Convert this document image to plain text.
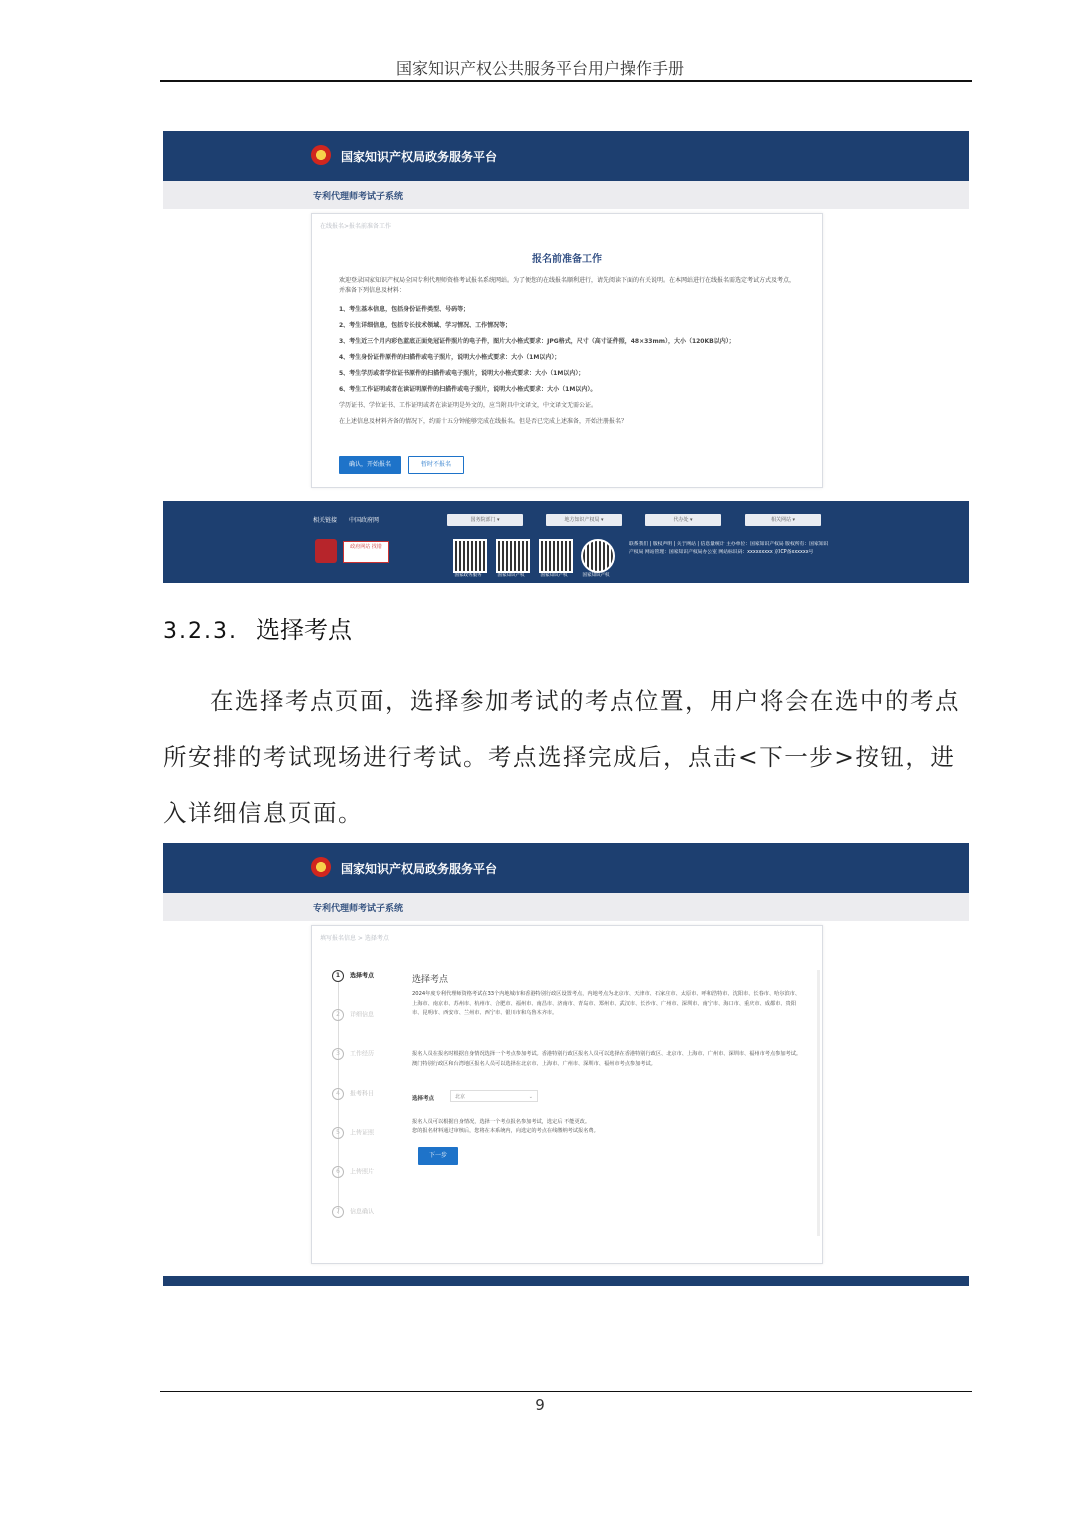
国家知识产权公共服务平台用户操作手册
国家知识产权局政务服务平台
专利代理师考试子系统
在线报名>报名前准备工作
报名前准备工作

欢迎登录国家知识产权局全国专利代理师资格考试报名系统网站。为了便您的在线报名顺利进行，请先阅读下面的有关说明。在本网站进行在线报名需选定考试方式及考点，并准备下列信息及材料：

1、考生基本信息，包括身份证件类型、号码等；

2、考生详细信息，包括专长技术领域、学习情况、工作情况等；

3、考生近三个月内彩色蓝底正面免冠证件照片的电子件，图片大小格式要求：JPG格式，尺寸（高寸证件照，48×33mm），大小（120KB以内）；

4、考生身份证件原件的扫描件或电子照片，说明大小格式要求：大小（1M以内）；

5、考生学历或者学位证书原件的扫描件或电子照片，说明大小格式要求：大小（1M以内）；

6、考生工作证明或者在读证明原件的扫描件或电子照片，说明大小格式要求：大小（1M以内）。

学历证书、学位证书、工作证明或者在读证明是外文的，应当附具中文译文，中文译文无需公证。

在上述信息及材料齐备的情况下，约需十五分钟能够完成在线报名。但是否已完成上述准备，开始注册报名？

确认，开始报名	暂时不报名
相关链接 中国政府网	国务院部门 ▾	地方知识产权局 ▾	代办处 ▾	相关网站 ▾
政府网站 找错
国家政务服务	国家知识产权	国家知识产权	国家知识产权
联系我们 | 版权声明 | 关于网站 | 信息量统计 主办单位：国家知识产权局 版权所有：国家知识产权局 网站管理：国家知识产权局办公室 网站标识码：xxxxxxxxx 京ICP备xxxxxx号
3.2.3. 选择考点
在选择考点页面，选择参加考试的考点位置，用户将会在选中的考点所安排的考试现场进行考试。考点选择完成后，点击<下一步>按钮，进入详细信息页面。
国家知识产权局政务服务平台
专利代理师考试子系统
填写报名信息 > 选择考点
1 选择考点
2 详细信息
3 工作经历
4 报考科目
5 上传证照
6 上传照片
7 信息确认
选择考点
2024年度专利代理师资格考试在33个内地城市和香港特别行政区设置考点，内地考点为北京市、天津市、石家庄市、太原市、呼和浩特市、沈阳市、长春市、哈尔滨市、上海市、南京市、苏州市、杭州市、合肥市、福州市、南昌市、济南市、青岛市、郑州市、武汉市、长沙市、广州市、深圳市、南宁市、海口市、重庆市、成都市、贵阳市、昆明市、西安市、兰州市、西宁市、银川市和乌鲁木齐市。
报名人员在报名时根据自身情况选择一个考点参加考试。香港特别行政区报名人员可以选择在香港特别行政区、北京市、上海市、广州市、深圳市、福州市考点参加考试。澳门特别行政区和台湾地区报名人员可以选择在北京市、上海市、广州市、深圳市、福州市考点参加考试。
选择考点	北京	⌄
报名人员可以根据自身情况，选择一个考点报名参加考试，选定后 不能更改。
您的报名材料通过审核后，您将在本系统内，向选定的考点在线缴纳考试报名费。
下一步
9
